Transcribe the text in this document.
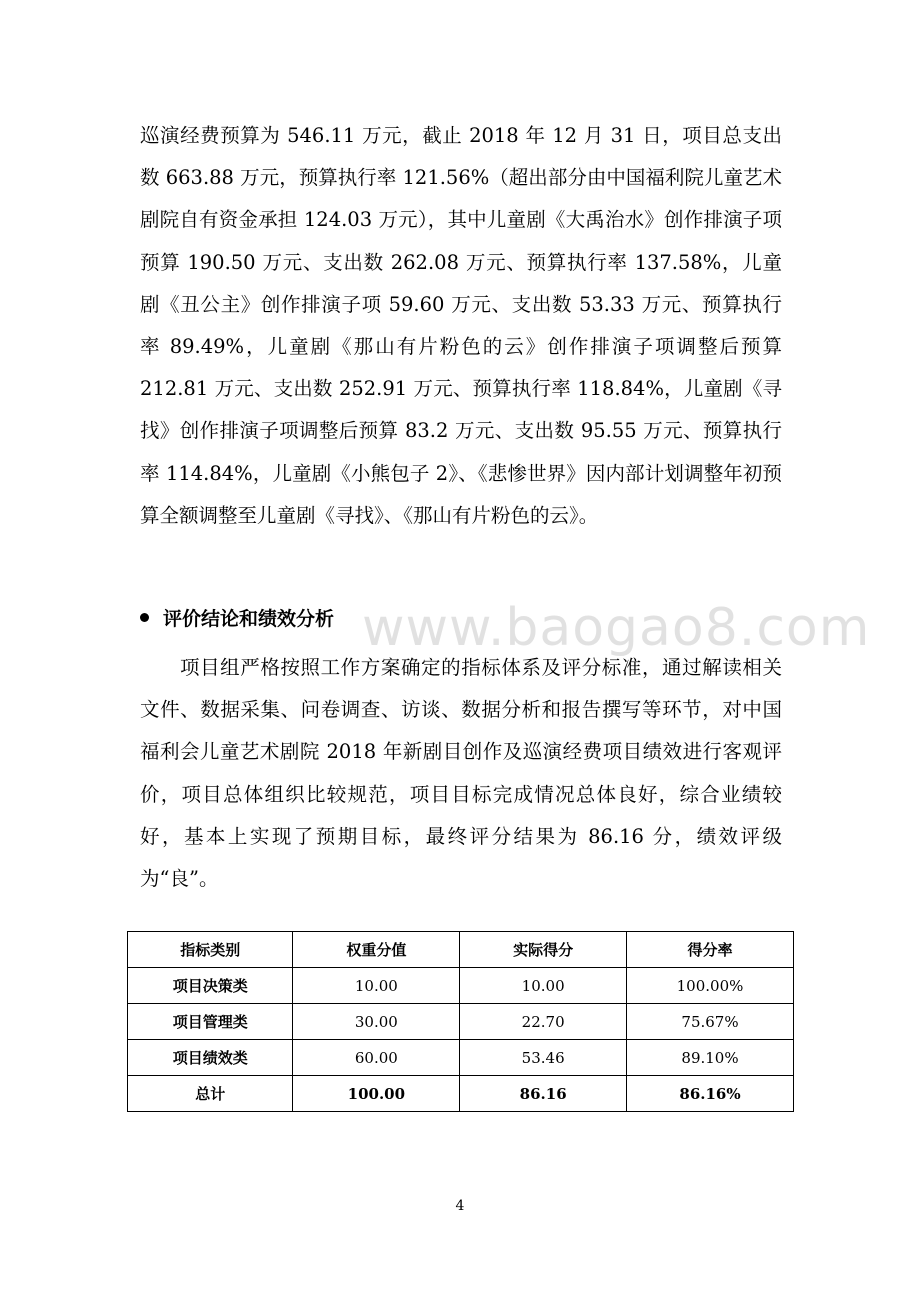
巡演经费预算为 546.11 万元，截止 2018 年 12 月 31 日，项目总支出数 663.88 万元，预算执行率 121.56%（超出部分由中国福利院儿童艺术剧院自有资金承担 124.03 万元），其中儿童剧《大禹治水》创作排演子项预算 190.50 万元、支出数 262.08 万元、预算执行率 137.58%，儿童剧《丑公主》创作排演子项 59.60 万元、支出数 53.33 万元、预算执行率 89.49%，儿童剧《那山有片粉色的云》创作排演子项调整后预算 212.81 万元、支出数 252.91 万元、预算执行率 118.84%，儿童剧《寻找》创作排演子项调整后预算 83.2 万元、支出数 95.55 万元、预算执行率 114.84%，儿童剧《小熊包子 2》、《悲惨世界》因内部计划调整年初预算全额调整至儿童剧《寻找》、《那山有片粉色的云》。

评价结论和绩效分析 www.baogao8.com

项目组严格按照工作方案确定的指标体系及评分标准，通过解读相关文件、数据采集、问卷调查、访谈、数据分析和报告撰写等环节，对中国福利会儿童艺术剧院 2018 年新剧目创作及巡演经费项目绩效进行客观评价，项目总体组织比较规范，项目目标完成情况总体良好，综合业绩较好，基本上实现了预期目标，最终评分结果为 86.16 分，绩效评级为“良”。

指标类别	权重分值	实际得分	得分率
项目决策类	10.00	10.00	100.00%
项目管理类	30.00	22.70	75.67%
项目绩效类	60.00	53.46	89.10%
总计	100.00	86.16	86.16%
4
